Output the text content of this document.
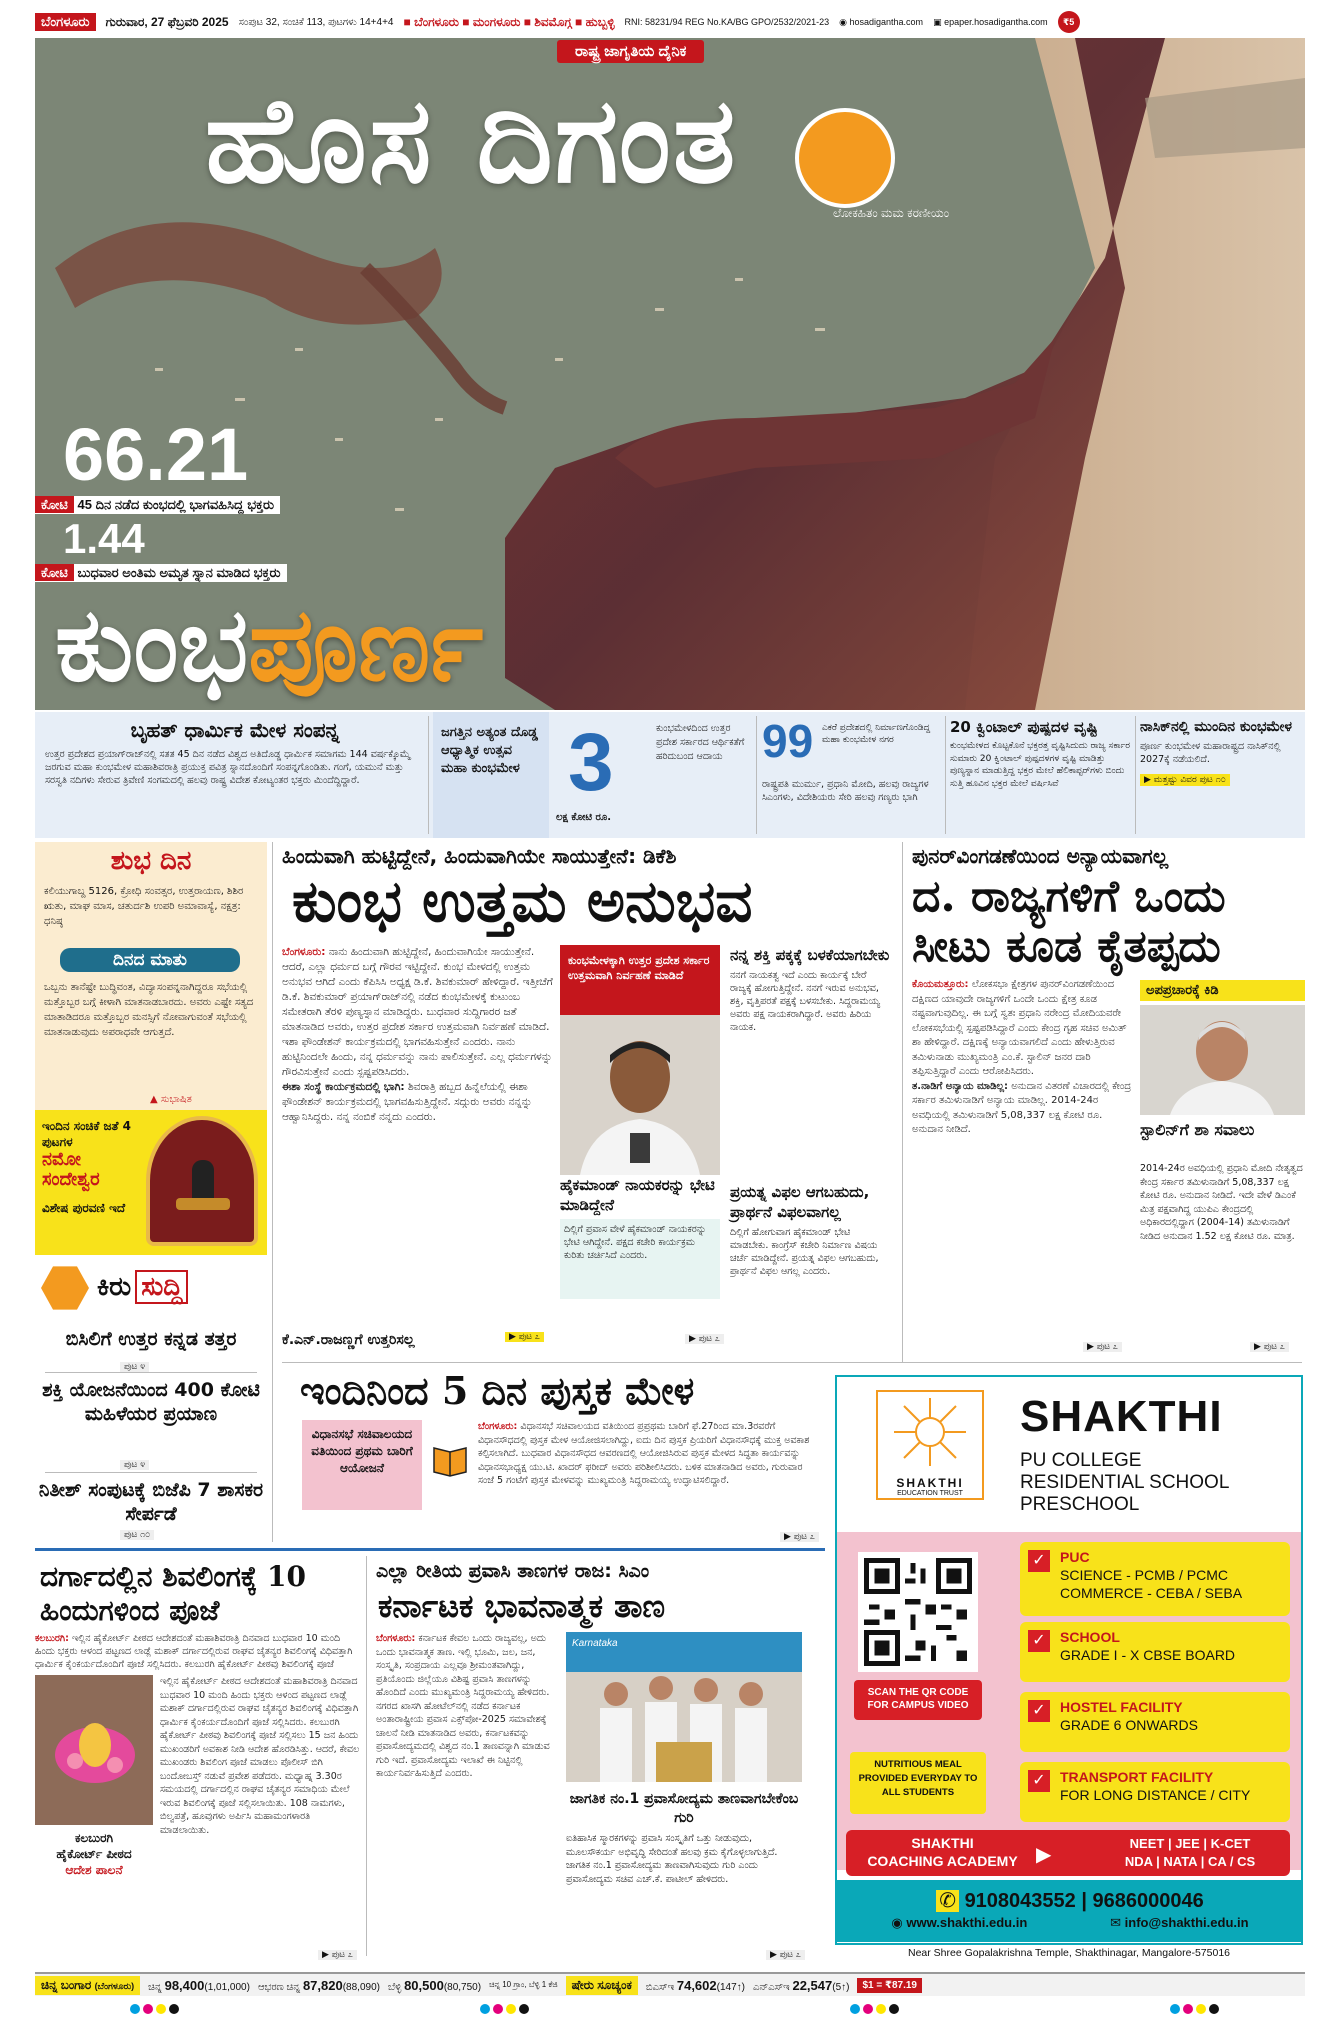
ಬೆಂಗಳೂರು	ಗುರುವಾರ, 27 ಫೆಬ್ರವರಿ 2025 ಸಂಪುಟ 32, ಸಂಚಿಕೆ 113, ಪುಟಗಳು 14+4+4 ■ ಬೆಂಗಳೂರು ■ ಮಂಗಳೂರು ■ ಶಿವಮೊಗ್ಗ ■ ಹುಬ್ಬಳ್ಳಿ RNI: 58231/94 REG No.KA/BG GPO/2532/2021-23 ◉ hosadigantha.com ▣ epaper.hosadigantha.com	₹5
ರಾಷ್ಟ್ರ ಜಾಗೃತಿಯ ದೈನಿಕ
ಹೊಸ ದಿಗಂತ
ಲೋಕಹಿತಂ ಮಮ ಕರಣೀಯಂ
66.21
ಕೋಟಿ 45 ದಿನ ನಡೆದ ಕುಂಭದಲ್ಲಿ ಭಾಗವಹಿಸಿದ್ದ ಭಕ್ತರು
1.44
ಕೋಟಿ ಬುಧವಾರ ಅಂತಿಮ ಅಮೃತ ಸ್ನಾನ ಮಾಡಿದ ಭಕ್ತರು
ಕುಂಭಪೂರ್ಣ
ಬೃಹತ್ ಧಾರ್ಮಿಕ ಮೇಳ ಸಂಪನ್ನ
ಉತ್ತರ ಪ್ರದೇಶದ ಪ್ರಯಾಗ್‌ರಾಜ್‌ನಲ್ಲಿ ಸತತ 45 ದಿನ ನಡೆದ ವಿಶ್ವದ ಅತಿದೊಡ್ಡ ಧಾರ್ಮಿಕ ಸಮಾಗಮ 144 ವರ್ಷಕ್ಕೊಮ್ಮೆ ಜರಗುವ ಮಹಾ ಕುಂಭಮೇಳ ಮಹಾಶಿವರಾತ್ರಿ ಪ್ರಯುಕ್ತ ಪವಿತ್ರ ಸ್ನಾನದೊಂದಿಗೆ ಸಂಪನ್ನಗೊಂಡಿತು. ಗಂಗೆ, ಯಮುನೆ ಮತ್ತು ಸರಸ್ವತಿ ನದಿಗಳು ಸೇರುವ ತ್ರಿವೇಣಿ ಸಂಗಮದಲ್ಲಿ ಹಲವು ರಾಷ್ಟ್ರ ವಿದೇಶ ಕೋಟ್ಯಂತರ ಭಕ್ತರು ಮಿಂದೆದ್ದಿದ್ದಾರೆ.
ಜಗತ್ತಿನ ಅತ್ಯಂತ ದೊಡ್ಡ ಆಧ್ಯಾತ್ಮಿಕ ಉತ್ಸವ ಮಹಾ ಕುಂಭಮೇಳ 3
ಲಕ್ಷ ಕೋಟಿ ರೂ.
ಕುಂಭಮೇಳದಿಂದ ಉತ್ತರ ಪ್ರದೇಶ ಸರ್ಕಾರದ ಆರ್ಥಿಕತೆಗೆ ಹರಿದುಬಂದ ಆದಾಯ 99 ಎಕರೆ ಪ್ರದೇಶದಲ್ಲಿ ನಿರ್ಮಾಣಗೊಂಡಿದ್ದ ಮಹಾ ಕುಂಭಮೇಳ ನಗರ
ರಾಷ್ಟ್ರಪತಿ ಮುರ್ಮು, ಪ್ರಧಾನಿ ಮೋದಿ, ಹಲವು ರಾಜ್ಯಗಳ ಸಿಎಂಗಳು, ವಿದೇಶಿಯರು ಸೇರಿ ಹಲವು ಗಣ್ಯರು ಭಾಗಿ
20 ಕ್ವಿಂಟಾಲ್ ಪುಷ್ಪದಳ ವೃಷ್ಟಿ
ಕುಂಭಮೇಳದ ಕೊಟ್ಟಕೊನೆ ಭಕ್ತರತ್ತ ವೃಷ್ಟಿಸಿದುದು ರಾಜ್ಯ ಸರ್ಕಾರ ಸುಮಾರು 20 ಕ್ವಿಂಟಾಲ್ ಪುಷ್ಪದಳಗಳ ವೃಷ್ಟಿ ಮಾಡಿತ್ತು ಪುಣ್ಯಸ್ನಾನ ಮಾಡುತ್ತಿದ್ದ ಭಕ್ತರ ಮೇಲೆ ಹೆಲಿಕಾಪ್ಟರ್‌ಗಳು ಬಿಂದು ಸುತ್ತಿ ಹೂವಿನ ಭಕ್ತರ ಮೇಲೆ ವರ್ಷಿಸಿವೆ
ನಾಸಿಕ್‌ನಲ್ಲಿ ಮುಂದಿನ ಕುಂಭಮೇಳ
ಪೂರ್ಣ ಕುಂಭಮೇಳ ಮಹಾರಾಷ್ಟ್ರದ ನಾಸಿಕ್‌ನಲ್ಲಿ 2027ಕ್ಕೆ ನಡೆಯಲಿದೆ.
▶ ಮತ್ತಷ್ಟು ವಿವರ ಪುಟ ೧೦
ಶುಭ ದಿನ
ಕಲಿಯುಗಾಬ್ದ 5126, ಕ್ರೋಧಿ ಸಂವತ್ಸರ, ಉತ್ತರಾಯಣ, ಶಿಶಿರ ಋತು, ಮಾಘ ಮಾಸ, ಚತುರ್ದಶಿ ಉಪರಿ ಅಮಾವಾಸ್ಯೆ, ನಕ್ಷತ್ರ: ಧನಿಷ್ಠ
ದಿನದ ಮಾತು
ಒಬ್ಬನು ತಾನೆಷ್ಟೇ ಬುದ್ಧಿವಂತ, ವಿದ್ಯಾಸಂಪನ್ನನಾಗಿದ್ದರೂ ಸಭೆಯಲ್ಲಿ ಮತ್ತೊಬ್ಬರ ಬಗ್ಗೆ ಕೀಳಾಗಿ ಮಾತನಾಡಬಾರದು. ಅವರು ಎಷ್ಟೇ ಸತ್ಯದ ಮಾತಾಡಿದರೂ ಮತ್ತೊಬ್ಬರ ಮನಸ್ಸಿಗೆ ನೋವಾಗುವಂತೆ ಸಭೆಯಲ್ಲಿ ಮಾತನಾಡುವುದು ಅಪರಾಧವೇ ಆಗುತ್ತದೆ.
▲ ಸುಭಾಷಿತ
ಇಂದಿನ ಸಂಚಿಕೆ ಜತೆ 4 ಪುಟಗಳ
ನಮೋ ಸಂದೇಶ್ವರ
ವಿಶೇಷ ಪುರವಣಿ ಇದೆ
ಕಿರು ಸುದ್ದಿ
ಬಿಸಿಲಿಗೆ ಉತ್ತರ ಕನ್ನಡ ತತ್ತರ
ಪುಟ ೪
ಶಕ್ತಿ ಯೋಜನೆಯಿಂದ 400 ಕೋಟಿ ಮಹಿಳೆಯರ ಪ್ರಯಾಣ
ಪುಟ ೪
ನಿತೀಶ್ ಸಂಪುಟಕ್ಕೆ ಬಿಜೆಪಿ 7 ಶಾಸಕರ ಸೇರ್ಪಡೆ
ಪುಟ ೧೦
ಹಿಂದುವಾಗಿ ಹುಟ್ಟಿದ್ದೇನೆ, ಹಿಂದುವಾಗಿಯೇ ಸಾಯುತ್ತೇನೆ: ಡಿಕೆಶಿ
ಕುಂಭ ಉತ್ತಮ ಅನುಭವ
ಬೆಂಗಳೂರು: ನಾನು ಹಿಂದುವಾಗಿ ಹುಟ್ಟಿದ್ದೇನೆ, ಹಿಂದುವಾಗಿಯೇ ಸಾಯುತ್ತೇನೆ. ಆದರೆ, ಎಲ್ಲಾ ಧರ್ಮದ ಬಗ್ಗೆ ಗೌರವ ಇಟ್ಟಿದ್ದೇನೆ. ಕುಂಭ ಮೇಳದಲ್ಲಿ ಉತ್ತಮ ಅನುಭವ ಆಗಿದೆ ಎಂದು ಕೆಪಿಸಿಸಿ ಅಧ್ಯಕ್ಷ ಡಿ.ಕೆ. ಶಿವಕುಮಾರ್ ಹೇಳಿದ್ದಾರೆ. ಇತ್ತೀಚೆಗೆ ಡಿ.ಕೆ. ಶಿವಕುಮಾರ್ ಪ್ರಯಾಗ್‌ರಾಜ್‌ನಲ್ಲಿ ನಡೆದ ಕುಂಭಮೇಳಕ್ಕೆ ಕುಟುಂಬ ಸಮೇತರಾಗಿ ತೆರಳಿ ಪುಣ್ಯಸ್ನಾನ ಮಾಡಿದ್ದರು. ಬುಧವಾರ ಸುದ್ದಿಗಾರರ ಜತೆ ಮಾತನಾಡಿದ ಅವರು, ಉತ್ತರ ಪ್ರದೇಶ ಸರ್ಕಾರ ಉತ್ತಮವಾಗಿ ನಿರ್ವಹಣೆ ಮಾಡಿದೆ. ಇಶಾ ಫೌಂಡೇಶನ್ ಕಾರ್ಯಕ್ರಮದಲ್ಲಿ ಭಾಗವಹಿಸುತ್ತೇನೆ ಎಂದರು. ನಾನು ಹುಟ್ಟಿನಿಂದಲೇ ಹಿಂದು, ನನ್ನ ಧರ್ಮವನ್ನು ನಾನು ಪಾಲಿಸುತ್ತೇನೆ. ಎಲ್ಲ ಧರ್ಮಗಳನ್ನು ಗೌರವಿಸುತ್ತೇನೆ ಎಂದು ಸ್ಪಷ್ಟಪಡಿಸಿದರು.
ಈಶಾ ಸಂಸ್ಥೆ ಕಾರ್ಯಕ್ರಮದಲ್ಲಿ ಭಾಗಿ: ಶಿವರಾತ್ರಿ ಹಬ್ಬದ ಹಿನ್ನೆಲೆಯಲ್ಲಿ ಈಶಾ ಫೌಂಡೇಶನ್ ಕಾರ್ಯಕ್ರಮದಲ್ಲಿ ಭಾಗವಹಿಸುತ್ತಿದ್ದೇನೆ. ಸದ್ಗುರು ಅವರು ನನ್ನನ್ನು ಆಹ್ವಾನಿಸಿದ್ದರು. ನನ್ನ ನಂಬಿಕೆ ನನ್ನದು ಎಂದರು.
ಕೆ.ಎನ್.ರಾಜಣ್ಣಗೆ ಉತ್ತರಿಸಲ್ಲ	▶ ಪುಟ ೭
ಕುಂಭಮೇಳಕ್ಕಾಗಿ ಉತ್ತರ ಪ್ರದೇಶ ಸರ್ಕಾರ ಉತ್ತಮವಾಗಿ ನಿರ್ವಹಣೆ ಮಾಡಿದೆ
ಹೈಕಮಾಂಡ್ ನಾಯಕರನ್ನು ಭೇಟಿ ಮಾಡಿದ್ದೇನೆ
ದಿಲ್ಲಿಗೆ ಪ್ರವಾಸ ವೇಳೆ ಹೈಕಮಾಂಡ್ ನಾಯಕರನ್ನು ಭೇಟಿ ಆಗಿದ್ದೇನೆ. ಪಕ್ಷದ ಕಚೇರಿ ಕಾರ್ಯಕ್ರಮ ಕುರಿತು ಚರ್ಚಿಸಿದೆ ಎಂದರು.
ನನ್ನ ಶಕ್ತಿ ಪಕ್ಕಕ್ಕೆ ಬಳಕೆಯಾಗಬೇಕು
ನನಗೆ ನಾಯಕತ್ವ ಇದೆ ಎಂದು ಕಾರ್ಯಕ್ಕೆ ಬೇರೆ ರಾಜ್ಯಕ್ಕೆ ಹೋಗುತ್ತಿದ್ದೇನೆ. ನನಗೆ ಇರುವ ಅನುಭವ, ಶಕ್ತಿ, ವೃತ್ತಿಪರತೆ ಪಕ್ಷಕ್ಕೆ ಬಳಸಬೇಕು. ಸಿದ್ದರಾಮಯ್ಯ ಅವರು ಪಕ್ಷ ನಾಯಕರಾಗಿದ್ದಾರೆ. ಅವರು ಹಿರಿಯ ನಾಯಕ.
ಪ್ರಯತ್ನ ವಿಫಲ ಆಗಬಹುದು, ಪ್ರಾರ್ಥನೆ ವಿಫಲವಾಗಲ್ಲ
ದಿಲ್ಲಿಗೆ ಹೋಗುವಾಗ ಹೈಕಮಾಂಡ್ ಭೇಟಿ ಮಾಡಬೇಕು. ಕಾಂಗ್ರೆಸ್ ಕಚೇರಿ ನಿರ್ಮಾಣ ವಿಷಯ ಚರ್ಚೆ ಮಾಡಿದ್ದೇನೆ. ಪ್ರಯತ್ನ ವಿಫಲ ಆಗಬಹುದು, ಪ್ರಾರ್ಥನೆ ವಿಫಲ ಆಗಲ್ಲ ಎಂದರು.
▶ ಪುಟ ೭
ಪುನರ್‌ವಿಂಗಡಣೆಯಿಂದ ಅನ್ಯಾಯವಾಗಲ್ಲ
ದ. ರಾಜ್ಯಗಳಿಗೆ ಒಂದು ಸೀಟು ಕೂಡ ಕೈತಪ್ಪದು
ಕೊಯಮತ್ತೂರು: ಲೋಕಸಭಾ ಕ್ಷೇತ್ರಗಳ ಪುನರ್‌ವಿಂಗಡಣೆಯಿಂದ ದಕ್ಷಿಣದ ಯಾವುದೇ ರಾಜ್ಯಗಳಿಗೆ ಒಂದೇ ಒಂದು ಕ್ಷೇತ್ರ ಕೂಡ ನಷ್ಟವಾಗುವುದಿಲ್ಲ. ಈ ಬಗ್ಗೆ ಸ್ವತಃ ಪ್ರಧಾನಿ ನರೇಂದ್ರ ಮೋದಿಯವರೇ ಲೋಕಸಭೆಯಲ್ಲಿ ಸ್ಪಷ್ಟಪಡಿಸಿದ್ದಾರೆ ಎಂದು ಕೇಂದ್ರ ಗೃಹ ಸಚಿವ ಅಮಿತ್ ಶಾ ಹೇಳಿದ್ದಾರೆ. ದಕ್ಷಿಣಕ್ಕೆ ಅನ್ಯಾಯವಾಗಲಿದೆ ಎಂದು ಹೇಳುತ್ತಿರುವ ತಮಿಳುನಾಡು ಮುಖ್ಯಮಂತ್ರಿ ಎಂ.ಕೆ. ಸ್ಟಾಲಿನ್ ಜನರ ದಾರಿ ತಪ್ಪಿಸುತ್ತಿದ್ದಾರೆ ಎಂದು ಆರೋಪಿಸಿದರು.
ತ.ನಾಡಿಗೆ ಅನ್ಯಾಯ ಮಾಡಿಲ್ಲ: ಅನುದಾನ ವಿತರಣೆ ವಿಚಾರದಲ್ಲಿ ಕೇಂದ್ರ ಸರ್ಕಾರ ತಮಿಳುನಾಡಿಗೆ ಅನ್ಯಾಯ ಮಾಡಿಲ್ಲ. 2014-24ರ ಅವಧಿಯಲ್ಲಿ ತಮಿಳುನಾಡಿಗೆ 5,08,337 ಲಕ್ಷ ಕೋಟಿ ರೂ. ಅನುದಾನ ನೀಡಿದೆ.
▶ ಪುಟ ೭
ಅಪಪ್ರಚಾರಕ್ಕೆ ಕಿಡಿ
ಸ್ಟಾಲಿನ್‌ಗೆ ಶಾ ಸವಾಲು
2014-24ರ ಅವಧಿಯಲ್ಲಿ ಪ್ರಧಾನಿ ಮೋದಿ ನೇತೃತ್ವದ ಕೇಂದ್ರ ಸರ್ಕಾರ ತಮಿಳುನಾಡಿಗೆ 5,08,337 ಲಕ್ಷ ಕೋಟಿ ರೂ. ಅನುದಾನ ನೀಡಿದೆ. ಇದೇ ವೇಳೆ ಡಿಎಂಕೆ ಮಿತ್ರ ಪಕ್ಷವಾಗಿದ್ದ ಯುಪಿಎ ಕೇಂದ್ರದಲ್ಲಿ ಅಧಿಕಾರದಲ್ಲಿದ್ದಾಗ (2004-14) ತಮಿಳುನಾಡಿಗೆ ನೀಡಿದ ಅನುದಾನ 1.52 ಲಕ್ಷ ಕೋಟಿ ರೂ. ಮಾತ್ರ.
▶ ಪುಟ ೭
ಇಂದಿನಿಂದ 5 ದಿನ ಪುಸ್ತಕ ಮೇಳ
ವಿಧಾನಸಭೆ ಸಚಿವಾಲಯದ ವತಿಯಿಂದ ಪ್ರಥಮ ಬಾರಿಗೆ ಆಯೋಜನೆ
ಬೆಂಗಳೂರು: ವಿಧಾನಸಭೆ ಸಚಿವಾಲಯದ ವತಿಯಿಂದ ಪ್ರಪ್ರಥಮ ಬಾರಿಗೆ ಫೆ.27ರಿಂದ ಮಾ.3ರವರೆಗೆ ವಿಧಾನಸೌಧದಲ್ಲಿ ಪುಸ್ತಕ ಮೇಳ ಆಯೋಜಿಸಲಾಗಿದ್ದು, ಐದು ದಿನ ಪುಸ್ತಕ ಪ್ರಿಯರಿಗೆ ವಿಧಾನಸೌಧಕ್ಕೆ ಮುಕ್ತ ಅವಕಾಶ ಕಲ್ಪಿಸಲಾಗಿದೆ. ಬುಧವಾರ ವಿಧಾನಸೌಧದ ಆವರಣದಲ್ಲಿ ಆಯೋಜಿಸಿರುವ ಪುಸ್ತಕ ಮೇಳದ ಸಿದ್ಧತಾ ಕಾರ್ಯವನ್ನು ವಿಧಾನಸಭಾಧ್ಯಕ್ಷ ಯು.ಟಿ. ಖಾದರ್ ಫರೀದ್ ಅವರು ಪರಿಶೀಲಿಸಿದರು. ಬಳಿಕ ಮಾತನಾಡಿದ ಅವರು, ಗುರುವಾರ ಸಂಜೆ 5 ಗಂಟೆಗೆ ಪುಸ್ತಕ ಮೇಳವನ್ನು ಮುಖ್ಯಮಂತ್ರಿ ಸಿದ್ದರಾಮಯ್ಯ ಉದ್ಘಾಟಿಸಲಿದ್ದಾರೆ.
▶ ಪುಟ ೭
SHAKTHI
EDUCATION TRUST
SHAKTHI
PU COLLEGE
RESIDENTIAL SCHOOL
PRESCHOOL
SCAN THE QR CODE FOR CAMPUS VIDEO
NUTRITIOUS MEAL PROVIDED EVERYDAY TO ALL STUDENTS
✓	PUC
SCIENCE - PCMB / PCMC
COMMERCE - CEBA / SEBA
✓	SCHOOL
GRADE I - X CBSE BOARD
✓	HOSTEL FACILITY
GRADE 6 ONWARDS
✓	TRANSPORT FACILITY
FOR LONG DISTANCE / CITY
SHAKTHI
COACHING ACADEMY ▶
NEET | JEE | K-CET
NDA | NATA | CA / CS
✆ 9108043552 | 9686000046
◉ www.shakthi.edu.in	✉ info@shakthi.edu.in
Near Shree Gopalakrishna Temple, Shakthinagar, Mangalore-575016
ದರ್ಗಾದಲ್ಲಿನ ಶಿವಲಿಂಗಕ್ಕೆ 10 ಹಿಂದುಗಳಿಂದ ಪೂಜೆ
ಕಲಬುರಗಿ: ಇಲ್ಲಿನ ಹೈಕೋರ್ಟ್ ಪೀಠದ ಆದೇಶದಂತೆ ಮಹಾಶಿವರಾತ್ರಿ ದಿನವಾದ ಬುಧವಾರ 10 ಮಂದಿ ಹಿಂದು ಭಕ್ತರು ಆಳಂದ ಪಟ್ಟಣದ ಲಾಡ್ಲೆ ಮಶಾಕ್ ದರ್ಗಾದಲ್ಲಿರುವ ರಾಘವ ಚೈತನ್ಯರ ಶಿವಲಿಂಗಕ್ಕೆ ವಿಧಿವತ್ತಾಗಿ ಧಾರ್ಮಿಕ ಕೈಂಕರ್ಯದೊಂದಿಗೆ ಪೂಜೆ ಸಲ್ಲಿಸಿದರು. ಕಲಬುರಗಿ ಹೈಕೋರ್ಟ್ ಪೀಠವು ಶಿವಲಿಂಗಕ್ಕೆ ಪೂಜೆ
ಕಲಬುರಗಿ
ಹೈಕೋರ್ಟ್ ಪೀಠದ
ಆದೇಶ ಪಾಲನೆ
ಇಲ್ಲಿನ ಹೈಕೋರ್ಟ್ ಪೀಠದ ಆದೇಶದಂತೆ ಮಹಾಶಿವರಾತ್ರಿ ದಿನವಾದ ಬುಧವಾರ 10 ಮಂದಿ ಹಿಂದು ಭಕ್ತರು ಆಳಂದ ಪಟ್ಟಣದ ಲಾಡ್ಲೆ ಮಶಾಕ್ ದರ್ಗಾದಲ್ಲಿರುವ ರಾಘವ ಚೈತನ್ಯರ ಶಿವಲಿಂಗಕ್ಕೆ ವಿಧಿವತ್ತಾಗಿ ಧಾರ್ಮಿಕ ಕೈಂಕರ್ಯದೊಂದಿಗೆ ಪೂಜೆ ಸಲ್ಲಿಸಿದರು. ಕಲಬುರಗಿ ಹೈಕೋರ್ಟ್ ಪೀಠವು ಶಿವಲಿಂಗಕ್ಕೆ ಪೂಜೆ ಸಲ್ಲಿಸಲು 15 ಜನ ಹಿಂದು ಮುಖಂಡರಿಗೆ ಅವಕಾಶ ನೀಡಿ ಆದೇಶ ಹೊರಡಿಸಿತ್ತು. ಆದರೆ, ಕೇವಲ ಮುಖಂಡರು ಶಿವಲಿಂಗ ಪೂಜೆ ಮಾಡಲು ಪೊಲೀಸ್ ಬಿಗಿ ಬಂದೋಬಸ್ತ್ ನಡುವೆ ಪ್ರವೇಶ ಪಡೆದರು. ಮಧ್ಯಾಹ್ನ 3.30ರ ಸಮಯದಲ್ಲಿ ದರ್ಗಾದಲ್ಲಿನ ರಾಘವ ಚೈತನ್ಯರ ಸಮಾಧಿಯ ಮೇಲೆ ಇರುವ ಶಿವಲಿಂಗಕ್ಕೆ ಪೂಜೆ ಸಲ್ಲಿಸಲಾಯಿತು. 108 ನಾಮಗಳು, ಬಿಲ್ವಪತ್ರೆ, ಹೂವುಗಳು ಅರ್ಪಿಸಿ ಮಹಾಮಂಗಳಾರತಿ ಮಾಡಲಾಯಿತು.
▶ ಪುಟ ೭
ಎಲ್ಲಾ ರೀತಿಯ ಪ್ರವಾಸಿ ತಾಣಗಳ ರಾಜ: ಸಿಎಂ
ಕರ್ನಾಟಕ ಭಾವನಾತ್ಮಕ ತಾಣ
ಬೆಂಗಳೂರು: ಕರ್ನಾಟಕ ಕೇವಲ ಒಂದು ರಾಜ್ಯವಲ್ಲ, ಅದು ಒಂದು ಭಾವನಾತ್ಮಕ ತಾಣ. ಇಲ್ಲಿ ಭೂಮಿ, ಜಲ, ಜನ, ಸಂಸ್ಕೃತಿ, ಸಂಪ್ರದಾಯ ಎಲ್ಲವೂ ಶ್ರೀಮಂತವಾಗಿದ್ದು, ಪ್ರತಿಯೊಂದು ಜಿಲ್ಲೆಯೂ ವಿಶಿಷ್ಟ ಪ್ರವಾಸಿ ತಾಣಗಳನ್ನು ಹೊಂದಿದೆ ಎಂದು ಮುಖ್ಯಮಂತ್ರಿ ಸಿದ್ದರಾಮಯ್ಯ ಹೇಳಿದರು. ನಗರದ ಖಾಸಗಿ ಹೋಟೆಲ್‌ನಲ್ಲಿ ನಡೆದ ಕರ್ನಾಟಕ ಅಂತಾರಾಷ್ಟ್ರೀಯ ಪ್ರವಾಸ ಎಕ್ಸ್‌ಪೋ-2025 ಸಮಾವೇಶಕ್ಕೆ ಚಾಲನೆ ನೀಡಿ ಮಾತನಾಡಿದ ಅವರು, ಕರ್ನಾಟಕವನ್ನು ಪ್ರವಾಸೋದ್ಯಮದಲ್ಲಿ ವಿಶ್ವದ ನಂ.1 ತಾಣವನ್ನಾಗಿ ಮಾಡುವ ಗುರಿ ಇದೆ. ಪ್ರವಾಸೋದ್ಯಮ ಇಲಾಖೆ ಈ ನಿಟ್ಟಿನಲ್ಲಿ ಕಾರ್ಯನಿರ್ವಹಿಸುತ್ತಿದೆ ಎಂದರು.
Karnataka
ಜಾಗತಿಕ ನಂ.1 ಪ್ರವಾಸೋದ್ಯಮ ತಾಣವಾಗಬೇಕೆಂಬ ಗುರಿ
ಐತಿಹಾಸಿಕ ಸ್ಮಾರಕಗಳನ್ನು ಪ್ರವಾಸಿ ಸಂಸ್ಕೃತಿಗೆ ಒತ್ತು ನೀಡುವುದು, ಮೂಲಸೌಕರ್ಯ ಅಭಿವೃದ್ಧಿ ಸೇರಿದಂತೆ ಹಲವು ಕ್ರಮ ಕೈಗೊಳ್ಳಲಾಗುತ್ತಿದೆ. ಜಾಗತಿಕ ನಂ.1 ಪ್ರವಾಸೋದ್ಯಮ ತಾಣವಾಗಿಸುವುದು ಗುರಿ ಎಂದು ಪ್ರವಾಸೋದ್ಯಮ ಸಚಿವ ಎಚ್.ಕೆ. ಪಾಟೀಲ್ ಹೇಳಿದರು.
▶ ಪುಟ ೭
ಚಿನ್ನ ಬಂಗಾರ (ಬೆಂಗಳೂರು)	ಚಿನ್ನ 98,400(1,01,000) ಆಭರಣ ಚಿನ್ನ 87,820(88,090) ಬೆಳ್ಳಿ 80,500(80,750) ಚಿನ್ನ 10 ಗ್ರಾಂ, ಬೆಳ್ಳಿ 1 ಕೆಜಿ	ಷೇರು ಸೂಚ್ಯಂಕ	ಬಿಎಸ್‌ಇ 74,602(147↑) ಎನ್‌ಎಸ್‌ಇ 22,547(5↑)	$1 = ₹87.19
